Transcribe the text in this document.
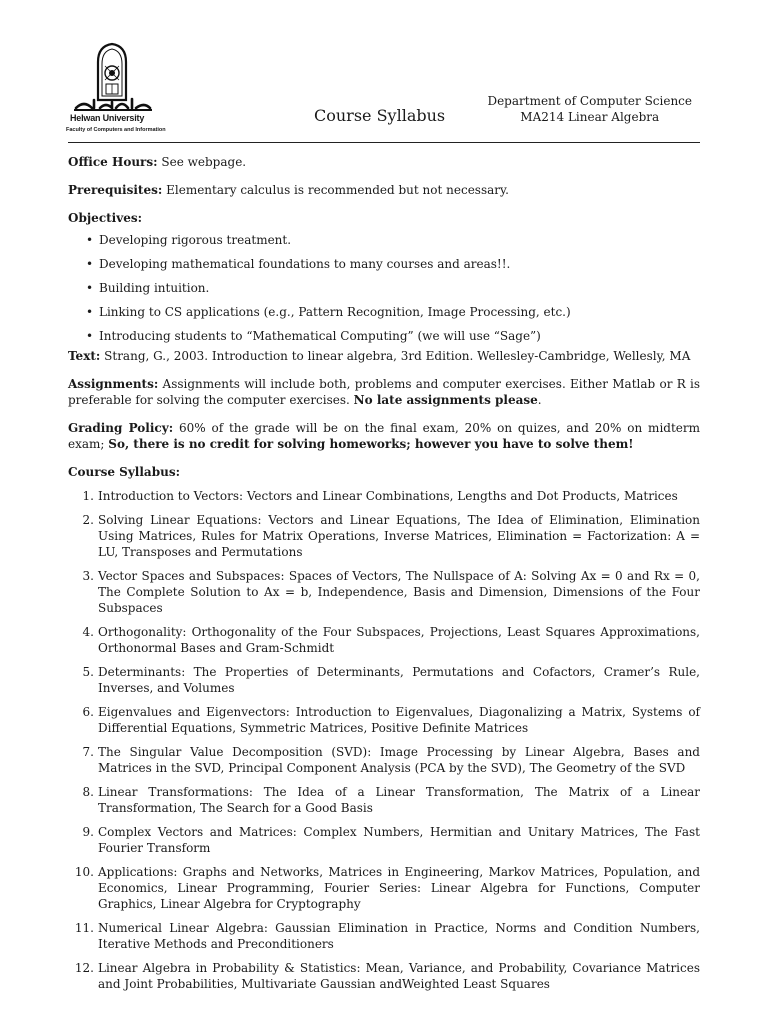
Helwan University
Faculty of Computers and Information
Course Syllabus
Department of Computer Science
MA214 Linear Algebra

Office Hours: See webpage.

Prerequisites: Elementary calculus is recommended but not necessary.

Objectives:
• Developing rigorous treatment.
• Developing mathematical foundations to many courses and areas!!.
• Building intuition.
• Linking to CS applications (e.g., Pattern Recognition, Image Processing, etc.)
• Introducing students to “Mathematical Computing” (we will use “Sage”)

Text: Strang, G., 2003. Introduction to linear algebra, 3rd Edition. Wellesley-Cambridge, Wellesly, MA

Assignments: Assignments will include both, problems and computer exercises. Either Matlab or R is preferable for solving the computer exercises. No late assignments please.

Grading Policy: 60% of the grade will be on the final exam, 20% on quizes, and 20% on midterm exam; So, there is no credit for solving homeworks; however you have to solve them!

Course Syllabus:
1. Introduction to Vectors: Vectors and Linear Combinations, Lengths and Dot Products, Matrices
2. Solving Linear Equations: Vectors and Linear Equations, The Idea of Elimination, Elimination Using Matrices, Rules for Matrix Operations, Inverse Matrices, Elimination = Factorization: A = LU, Transposes and Permutations
3. Vector Spaces and Subspaces: Spaces of Vectors, The Nullspace of A: Solving Ax = 0 and Rx = 0, The Complete Solution to Ax = b, Independence, Basis and Dimension, Dimensions of the Four Subspaces
4. Orthogonality: Orthogonality of the Four Subspaces, Projections, Least Squares Approximations, Orthonormal Bases and Gram-Schmidt
5. Determinants: The Properties of Determinants, Permutations and Cofactors, Cramer’s Rule, Inverses, and Volumes
6. Eigenvalues and Eigenvectors: Introduction to Eigenvalues, Diagonalizing a Matrix, Systems of Differential Equations, Symmetric Matrices, Positive Definite Matrices
7. The Singular Value Decomposition (SVD): Image Processing by Linear Algebra, Bases and Matrices in the SVD, Principal Component Analysis (PCA by the SVD), The Geometry of the SVD
8. Linear Transformations: The Idea of a Linear Transformation, The Matrix of a Linear Transformation, The Search for a Good Basis
9. Complex Vectors and Matrices: Complex Numbers, Hermitian and Unitary Matrices, The Fast Fourier Transform
10. Applications: Graphs and Networks, Matrices in Engineering, Markov Matrices, Population, and Economics, Linear Programming, Fourier Series: Linear Algebra for Functions, Computer Graphics, Linear Algebra for Cryptography
11. Numerical Linear Algebra: Gaussian Elimination in Practice, Norms and Condition Numbers, Iterative Methods and Preconditioners
12. Linear Algebra in Probability & Statistics: Mean, Variance, and Probability, Covariance Matrices and Joint Probabilities, Multivariate Gaussian andWeighted Least Squares
